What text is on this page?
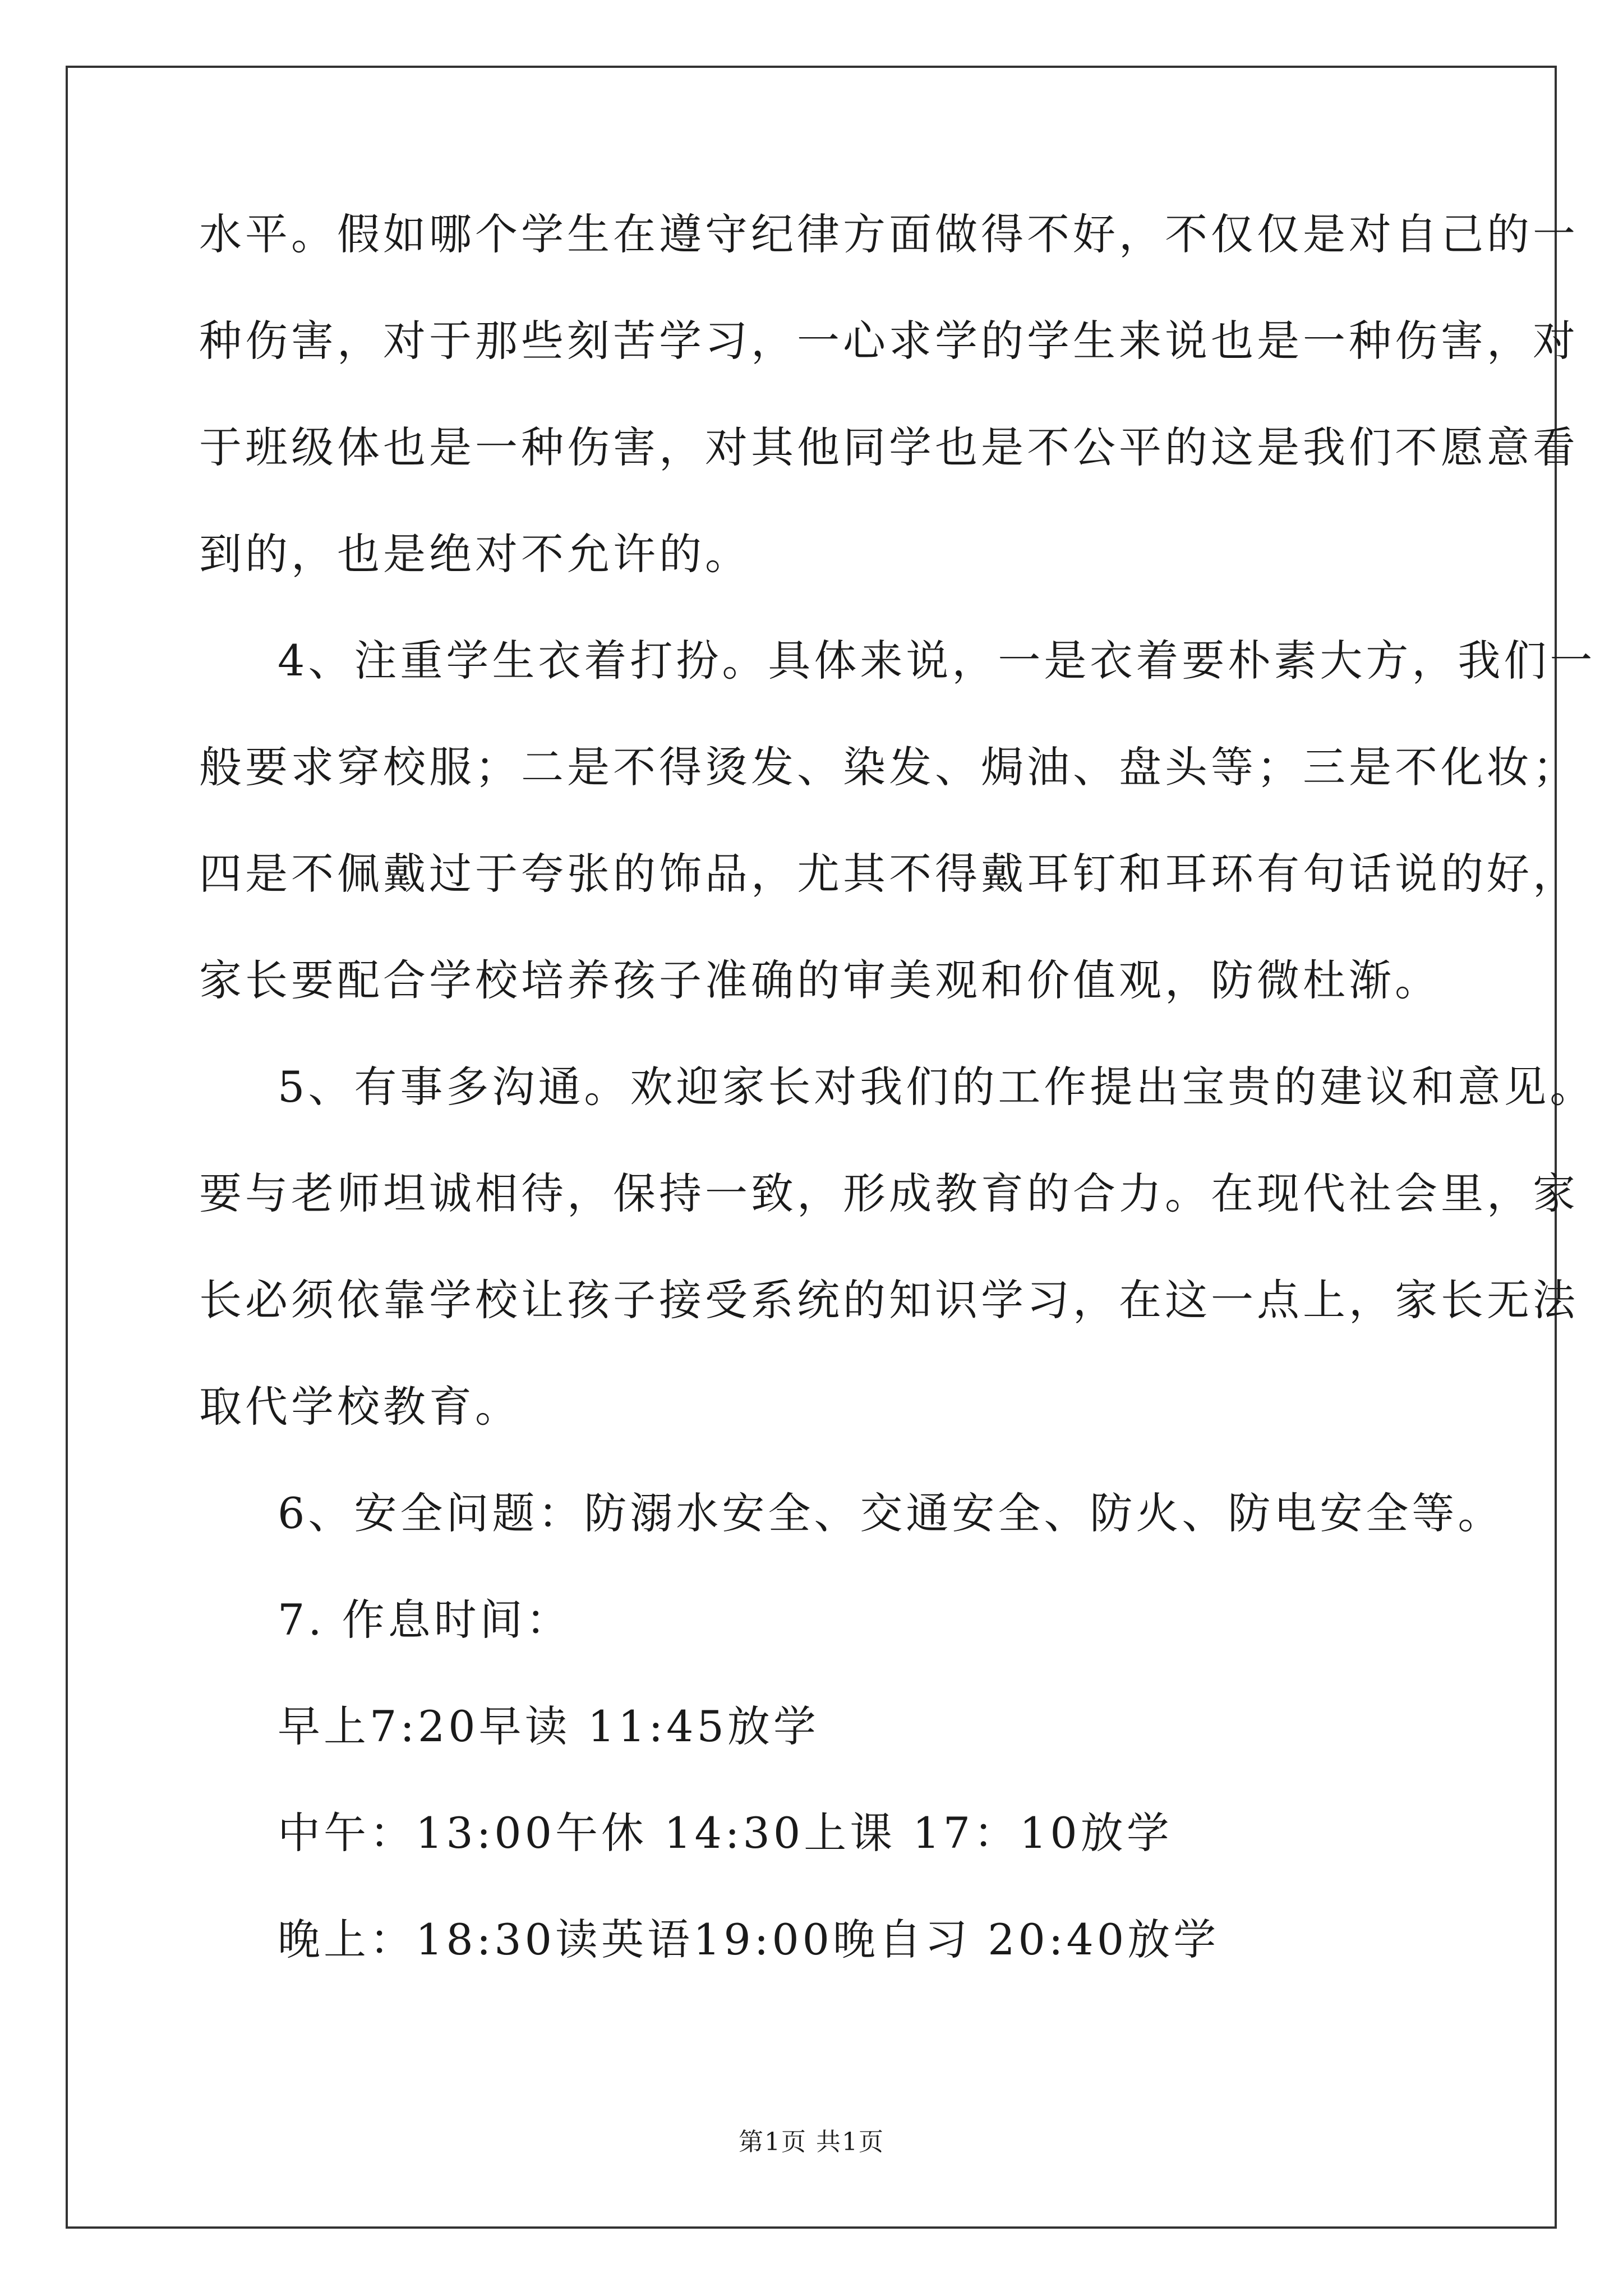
水平。假如哪个学生在遵守纪律方面做得不好，不仅仅是对自己的一
种伤害，对于那些刻苦学习，一心求学的学生来说也是一种伤害，对
于班级体也是一种伤害，对其他同学也是不公平的这是我们不愿意看
到的，也是绝对不允许的。
4、注重学生衣着打扮。具体来说，一是衣着要朴素大方，我们一
般要求穿校服；二是不得烫发、染发、焗油、盘头等；三是不化妆；
四是不佩戴过于夸张的饰品，尤其不得戴耳钉和耳环有句话说的好，
家长要配合学校培养孩子准确的审美观和价值观，防微杜渐。
5、有事多沟通。欢迎家长对我们的工作提出宝贵的建议和意见。
要与老师坦诚相待，保持一致，形成教育的合力。在现代社会里，家
长必须依靠学校让孩子接受系统的知识学习，在这一点上，家长无法
取代学校教育。
6、安全问题：防溺水安全、交通安全、防火、防电安全等。
7. 作息时间：
早上7:20早读 11:45放学
中午：13:00午休 14:30上课 17：10放学
晚上：18:30读英语19:00晚自习 20:40放学
第1页 共1页
